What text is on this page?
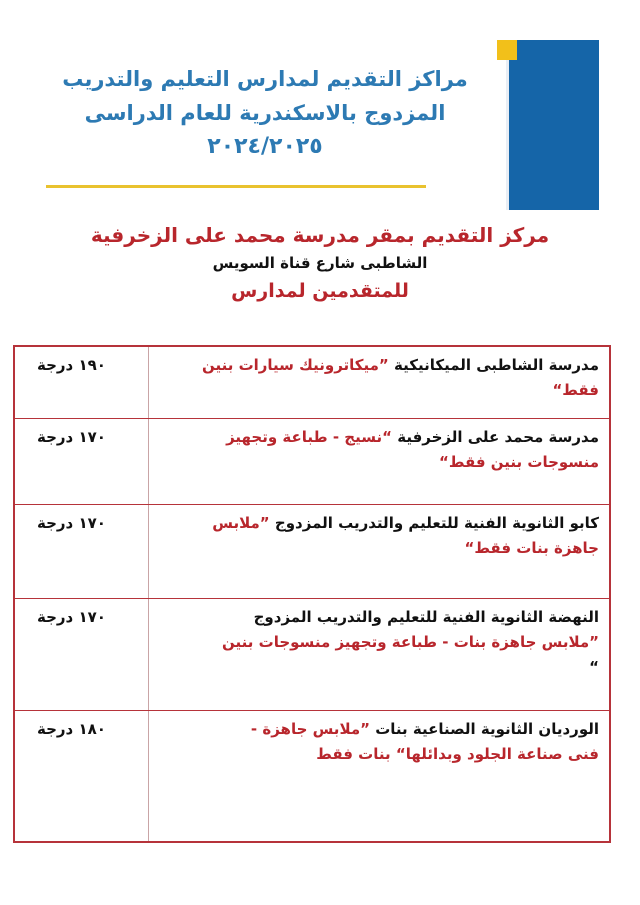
مراكز التقديم لمدارس التعليم والتدريب
المزدوج بالاسكندرية للعام الدراسى
٢٠٢٤/٢٠٢٥
مركز التقديم بمقر مدرسة محمد على الزخرفية
الشاطبى شارع قناة السويس
للمتقدمين لمدارس
١٩٠ درجة	مدرسة الشاطبى الميكانيكية ”ميكاترونيك سيارات بنين
فقط“
١٧٠ درجة	مدرسة محمد على الزخرفية “نسيج - طباعة وتجهيز
منسوجات بنين فقط“
١٧٠ درجة	كابو الثانوية الفنية للتعليم والتدريب المزدوج ”ملابس
جاهزة بنات فقط“
١٧٠ درجة	النهضة الثانوية الفنية للتعليم والتدريب المزدوج
”ملابس جاهزة بنات - طباعة وتجهيز منسوجات بنين
“
١٨٠ درجة	الورديان الثانوية الصناعية بنات ”ملابس جاهزة -
فنى صناعة الجلود وبدائلها“ بنات فقط
